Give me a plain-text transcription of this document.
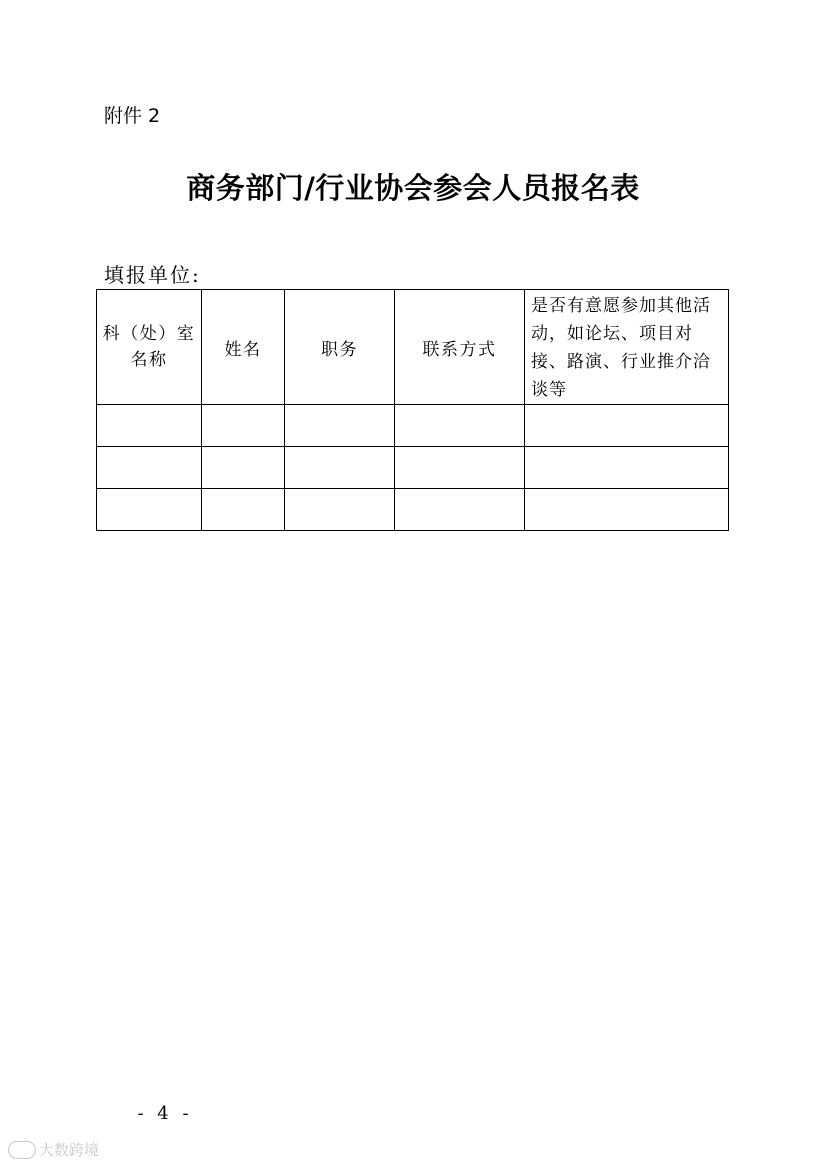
附件 2
商务部门/行业协会参会人员报名表
填报单位:
科（处）室
名称	姓名	职务	联系方式	是否有意愿参加其他活动，如论坛、项目对接、路演、行业推介洽谈等

- 4 -
大数跨境
